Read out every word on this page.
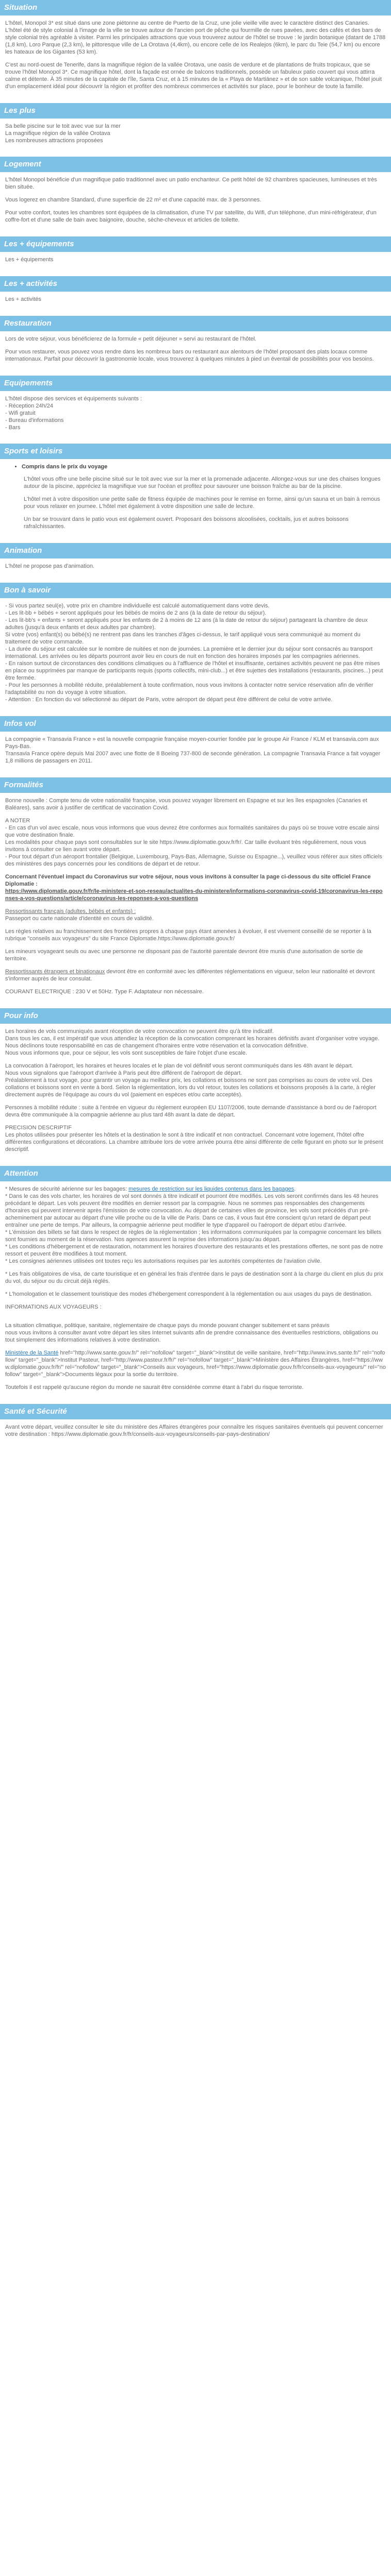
Situation

L'hôtel, Monopol 3* est situé dans une zone piétonne au centre de Puerto de la Cruz, une jolie vieille ville avec le caractère distinct des Canaries. L'hôtel été de style colonial à l'image de la ville se trouve autour de l'ancien port de pêche qui fourmille de rues pavées, avec des cafés et des bars de style colonial très agréable à visiter. Parmi les principales attractions que vous trouverez autour de l'hôtel se trouve : le jardin botanique (datant de 1788 (1,8 km), Loro Parque (2,3 km), le pittoresque ville de La Orotava (4,4km), ou encore celle de los Realejos (6km), le parc du Teie (54,7 km) ou encore les hateaux de los Gigantes (53 km).

C'est au nord-ouest de Tenerife, dans la magnifique région de la vallée Orotava, une oasis de verdure et de plantations de fruits tropicaux, que se trouve l'hôtel Monopol 3*. Ce magnifique hôtel, dont la façade est ornée de balcons traditionnels, possède un fabuleux patio couvert qui vous attirra calme et détente. À 35 minutes de la capitale de l'île, Santa Cruz, et à 15 minutes de la « Playa de Martiánez » et de son sable volcanique, l'hôtel jouit d'un emplacement idéal pour découvrir la région et profiter des nombreux commerces et activités sur place, pour le bonheur de toute la famille.

Les plus
Sa belle piscine sur le toit avec vue sur la mer
La magnifique région de la vallée Orotava
Les nombreuses attractions proposées
Logement

L'hôtel Monopol bénéficie d'un magnifique patio traditionnel avec un patio enchanteur. Ce petit hôtel de 92 chambres spacieuses, lumineuses et très bien située.

Vous logerez en chambre Standard, d'une superficie de 22 m² et d'une capacité max. de 3 personnes.

Pour votre confort, toutes les chambres sont équipées de la climatisation, d'une TV par satellite, du Wifi, d'un téléphone, d'un mini-réfrigérateur, d'un coffre-fort et d'une salle de bain avec baignoire, douche, sèche-cheveux et articles de toilette.

Les + équipements

Les + équipements

Les + activités

Les + activités

Restauration

Lors de votre séjour, vous bénéficierez de la formule « petit déjeuner » servi au restaurant de l'hôtel.

Pour vous restaurer, vous pouvez vous rendre dans les nombreux bars ou restaurant aux alentours de l'hôtel proposant des plats locaux comme internationaux. Parfait pour découvrir la gastronomie locale, vous trouverez à quelques minutes à pied un éventail de possibilités pour vos besoins.

Equipements

L'hôtel dispose des services et équipements suivants :

- Réception 24h/24
- Wifi gratuit
- Bureau d'informations
- Bars
Sports et loisirs
• Compris dans le prix du voyage

L'hôtel vous offre une belle piscine situé sur le toit avec vue sur la mer et la promenade adjacente. Allongez-vous sur une des chaises longues autour de la piscine, appréciez la magnifique vue sur l'océan et profitez pour savourer une boisson fraîche au bar de la piscine.

L'hôtel met à votre disposition une petite salle de fitness équipée de machines pour le remise en forme, ainsi qu'un sauna et un bain à remous pour vous relaxer en journee. L'hôtel met également à votre disposition une salle de lecture.

Un bar se trouvant dans le patio vous est également ouvert. Proposant des boissons alcoolisées, cocktails, jus et autres boissons rafraîchissantes.

Animation

L'hôtel ne propose pas d'animation.

Bon à savoir

- Si vous partez seul(e), votre prix en chambre individuelle est calculé automatiquement dans votre devis.

- Les lit-bb + bébés + seront appliqués pour les bébés de moins de 2 ans (à la date de retour du séjour).

- Les lit-bb's + enfants + seront appliqués pour les enfants de 2 à moins de 12 ans (à la date de retour du séjour) partageant la chambre de deux adultes (jusqu'à deux enfants et deux adultes par chambre).

Si votre (vos) enfant(s) ou bébé(s) ne rentrent pas dans les tranches d'âges ci-dessus, le tarif appliqué vous sera communiqué au moment du traitement de votre commande.

- La durée du séjour est calculée sur le nombre de nuitées et non de journées. La première et le dernier jour du séjour sont consacrés au transport international. Les arrivées ou les départs pourront avoir lieu en cours de nuit en fonction des horaires imposés par les compagnies aériennes.

- En raison surtout de circonstances des conditions climatiques ou à l'affluence de l'hôtel et insuffisante, certaines activités peuvent ne pas être mises en place ou supprimées par manque de participants requis (sports collectifs, mini-club...) et être sujettes des installations (restaurants, piscines...) peut être fermée.

- Pour les personnes à mobilité réduite, préalablement à toute confirmation, nous vous invitons à contacter notre service réservation afin de vérifier l'adaptabilité ou non du voyage à votre situation.

- Attention : En fonction du vol sélectionné au départ de Paris, votre aéroport de départ peut être différent de celui de votre arrivée.

Infos vol

La compagnie « Transavia France » est la nouvelle compagnie française moyen-courrier fondée par le groupe Air France / KLM et transavia.com aux Pays-Bas.

Transavia France opère depuis Mai 2007 avec une flotte de 8 Boeing 737-800 de seconde génération. La compagnie Transavia France a fait voyager 1,8 millions de passagers en 2011.

Formalités

Bonne nouvelle : Compte tenu de votre nationalité française, vous pouvez voyager librement en Espagne et sur les îles espagnoles (Canaries et Baléares), sans avoir à justifier de certificat de vaccination Covid.

A NOTER

- En cas d'un vol avec escale, nous vous informons que vous devrez être conformes aux formalités sanitaires du pays où se trouve votre escale ainsi que votre destination finale.

Les modalités pour chaque pays sont consultables sur le site https://www.diplomatie.gouv.fr/fr/. Car taille évoluant très régulièrement, nous vous invitons à consulter ce lien avant votre départ.

- Pour tout départ d'un aéroport frontalier (Belgique, Luxembourg, Pays-Bas, Allemagne, Suisse ou Espagne...), veuillez vous référer aux sites officiels des ministères des pays concernés pour les conditions de départ et de retour.

Concernant l'éventuel impact du Coronavirus sur votre séjour, nous vous invitons à consulter la page ci-dessous du site officiel France Diplomatie :

https://www.diplomatie.gouv.fr/fr/le-ministere-et-son-reseau/actualites-du-ministere/informations-coronavirus-covid-19/coronavirus-les-reponses-a-vos-questions/article/coronavirus-les-reponses-a-vos-questions

Ressortissants français (adultes, bébés et enfants) :

Passeport ou carte nationale d'identité en cours de validité.

Les règles relatives au franchissement des frontières propres à chaque pays étant amenées à évoluer, il est vivement conseillé de se reporter à la rubrique "conseils aux voyageurs" du site France Diplomatie.https://www.diplomatie.gouv.fr/

Les mineurs voyageant seuls ou avec une personne ne disposant pas de l'autorité parentale devront être munis d'une autorisation de sortie de territoire.

Ressortissants étrangers et binationaux devront être en conformité avec les différentes réglementations en vigueur, selon leur nationalité et devront s'informer auprès de leur consulat.

COURANT ELECTRIQUE : 230 V et 50Hz. Type F. Adaptateur non nécessaire.

Pour info

Les horaires de vols communiqués avant réception de votre convocation ne peuvent être qu'à titre indicatif.

Dans tous les cas, il est impératif que vous attendiez la réception de la convocation comprenant les horaires définitifs avant d'organiser votre voyage.

Nous déclinons toute responsabilité en cas de changement d'horaires entre votre réservation et la convocation définitive.

Nous vous informons que, pour ce séjour, les vols sont susceptibles de faire l'objet d'une escale.

La convocation à l'aéroport, les horaires et heures locales et le plan de vol définitif vous seront communiqués dans les 48h avant le départ.

Nous vous signalons que l'aéroport d'arrivée à Paris peut être différent de l'aéroport de départ.

Préalablement à tout voyage, pour garantir un voyage au meilleur prix, les collations et boissons ne sont pas comprises au cours de votre vol. Des collations et boissons sont en vente à bord. Selon la réglementation, lors du vol retour, toutes les collations et boissons proposés à la carte, à régler directement auprès de l'équipage au cours du vol (paiement en espèces et/ou carte acceptés).

Personnes à mobilité réduite : suite à l'entrée en vigueur du règlement européen EU 1107/2006, toute demande d'assistance à bord ou de l'aéroport devra être communiquée à la compagnie aérienne au plus tard 48h avant la date de départ.

PRECISION DESCRIPTIF

Les photos utilisées pour présenter les hôtels et la destination le sont à titre indicatif et non contractuel. Concernant votre logement, l'hôtel offre différentes configurations et décorations. La chambre attribuée lors de votre arrivée pourra être ainsi différente de celle figurant en photo sur le présent descriptif.

Attention

* Mesures de sécurité aérienne sur les bagages: mesures de restriction sur les liquides contenus dans les bagages.

* Dans le cas des vols charter, les horaires de vol sont donnés à titre indicatif et pourront être modifiés. Les vols seront confirmés dans les 48 heures précédant le départ. Les vols peuvent être modifiés en dernier ressort par la compagnie. Nous ne sommes pas responsables des changements d'horaires qui peuvent intervenir après l'émission de votre convocation. Au départ de certaines villes de province, les vols sont précédés d'un pré-acheminement par autocar au départ d'une ville proche ou de la ville de Paris. Dans ce cas, il vous faut être conscient qu'un retard de départ peut entraîner une perte de temps. Par ailleurs, la compagnie aérienne peut modifier le type d'appareil ou l'aéroport de départ et/ou d'arrivée.

* L'émission des billets se fait dans le respect de règles de la réglementation ; les informations communiquées par la compagnie concernant les billets sont fournies au moment de la réservation. Nos agences assurent la reprise des informations jusqu'au départ.

* Les conditions d'hébergement et de restauration, notamment les horaires d'ouverture des restaurants et les prestations offertes, ne sont pas de notre ressort et peuvent être modifiées à tout moment.

* Les consignes aériennes utilisées ont toutes reçu les autorisations requises par les autorités compétentes de l'aviation civile.

* Les frais obligatoires de visa, de carte touristique et en général les frais d'entrée dans le pays de destination sont à la charge du client en plus du prix du vol, du séjour ou du circuit déjà réglés.

* L'homologation et le classement touristique des modes d'hébergement correspondent à la réglementation ou aux usages du pays de destination.

INFORMATIONS AUX VOYAGEURS :

La situation climatique, politique, sanitaire, réglementaire de chaque pays du monde pouvant changer subitement et sans préavis

nous vous invitons à consulter avant votre départ les sites Internet suivants afin de prendre connaissance des éventuelles restrictions, obligations ou tout simplement des informations relatives à votre destination.

Ministère de la Santé href="http://www.sante.gouv.fr/" rel="nofollow" target="_blank">Institut de veille sanitaire, href="http://www.invs.sante.fr/" rel="nofollow" target="_blank">Institut Pasteur, href="http://www.pasteur.fr/fr/" rel="nofollow" target="_blank">Ministère des Affaires Étrangères, href="https://www.diplomatie.gouv.fr/fr/" rel="nofollow" target="_blank">Conseils aux voyageurs, href="https://www.diplomatie.gouv.fr/fr/conseils-aux-voyageurs/" rel="nofollow" target="_blank">Documents légaux pour la sortie du territoire.

Toutefois il est rappelé qu'aucune région du monde ne saurait être considérée comme étant à l'abri du risque terroriste.

Santé et Sécurité

Avant votre départ, veuillez consulter le site du ministère des Affaires étrangères pour connaître les risques sanitaires éventuels qui peuvent concerner votre destination : https://www.diplomatie.gouv.fr/fr/conseils-aux-voyageurs/conseils-par-pays-destination/
